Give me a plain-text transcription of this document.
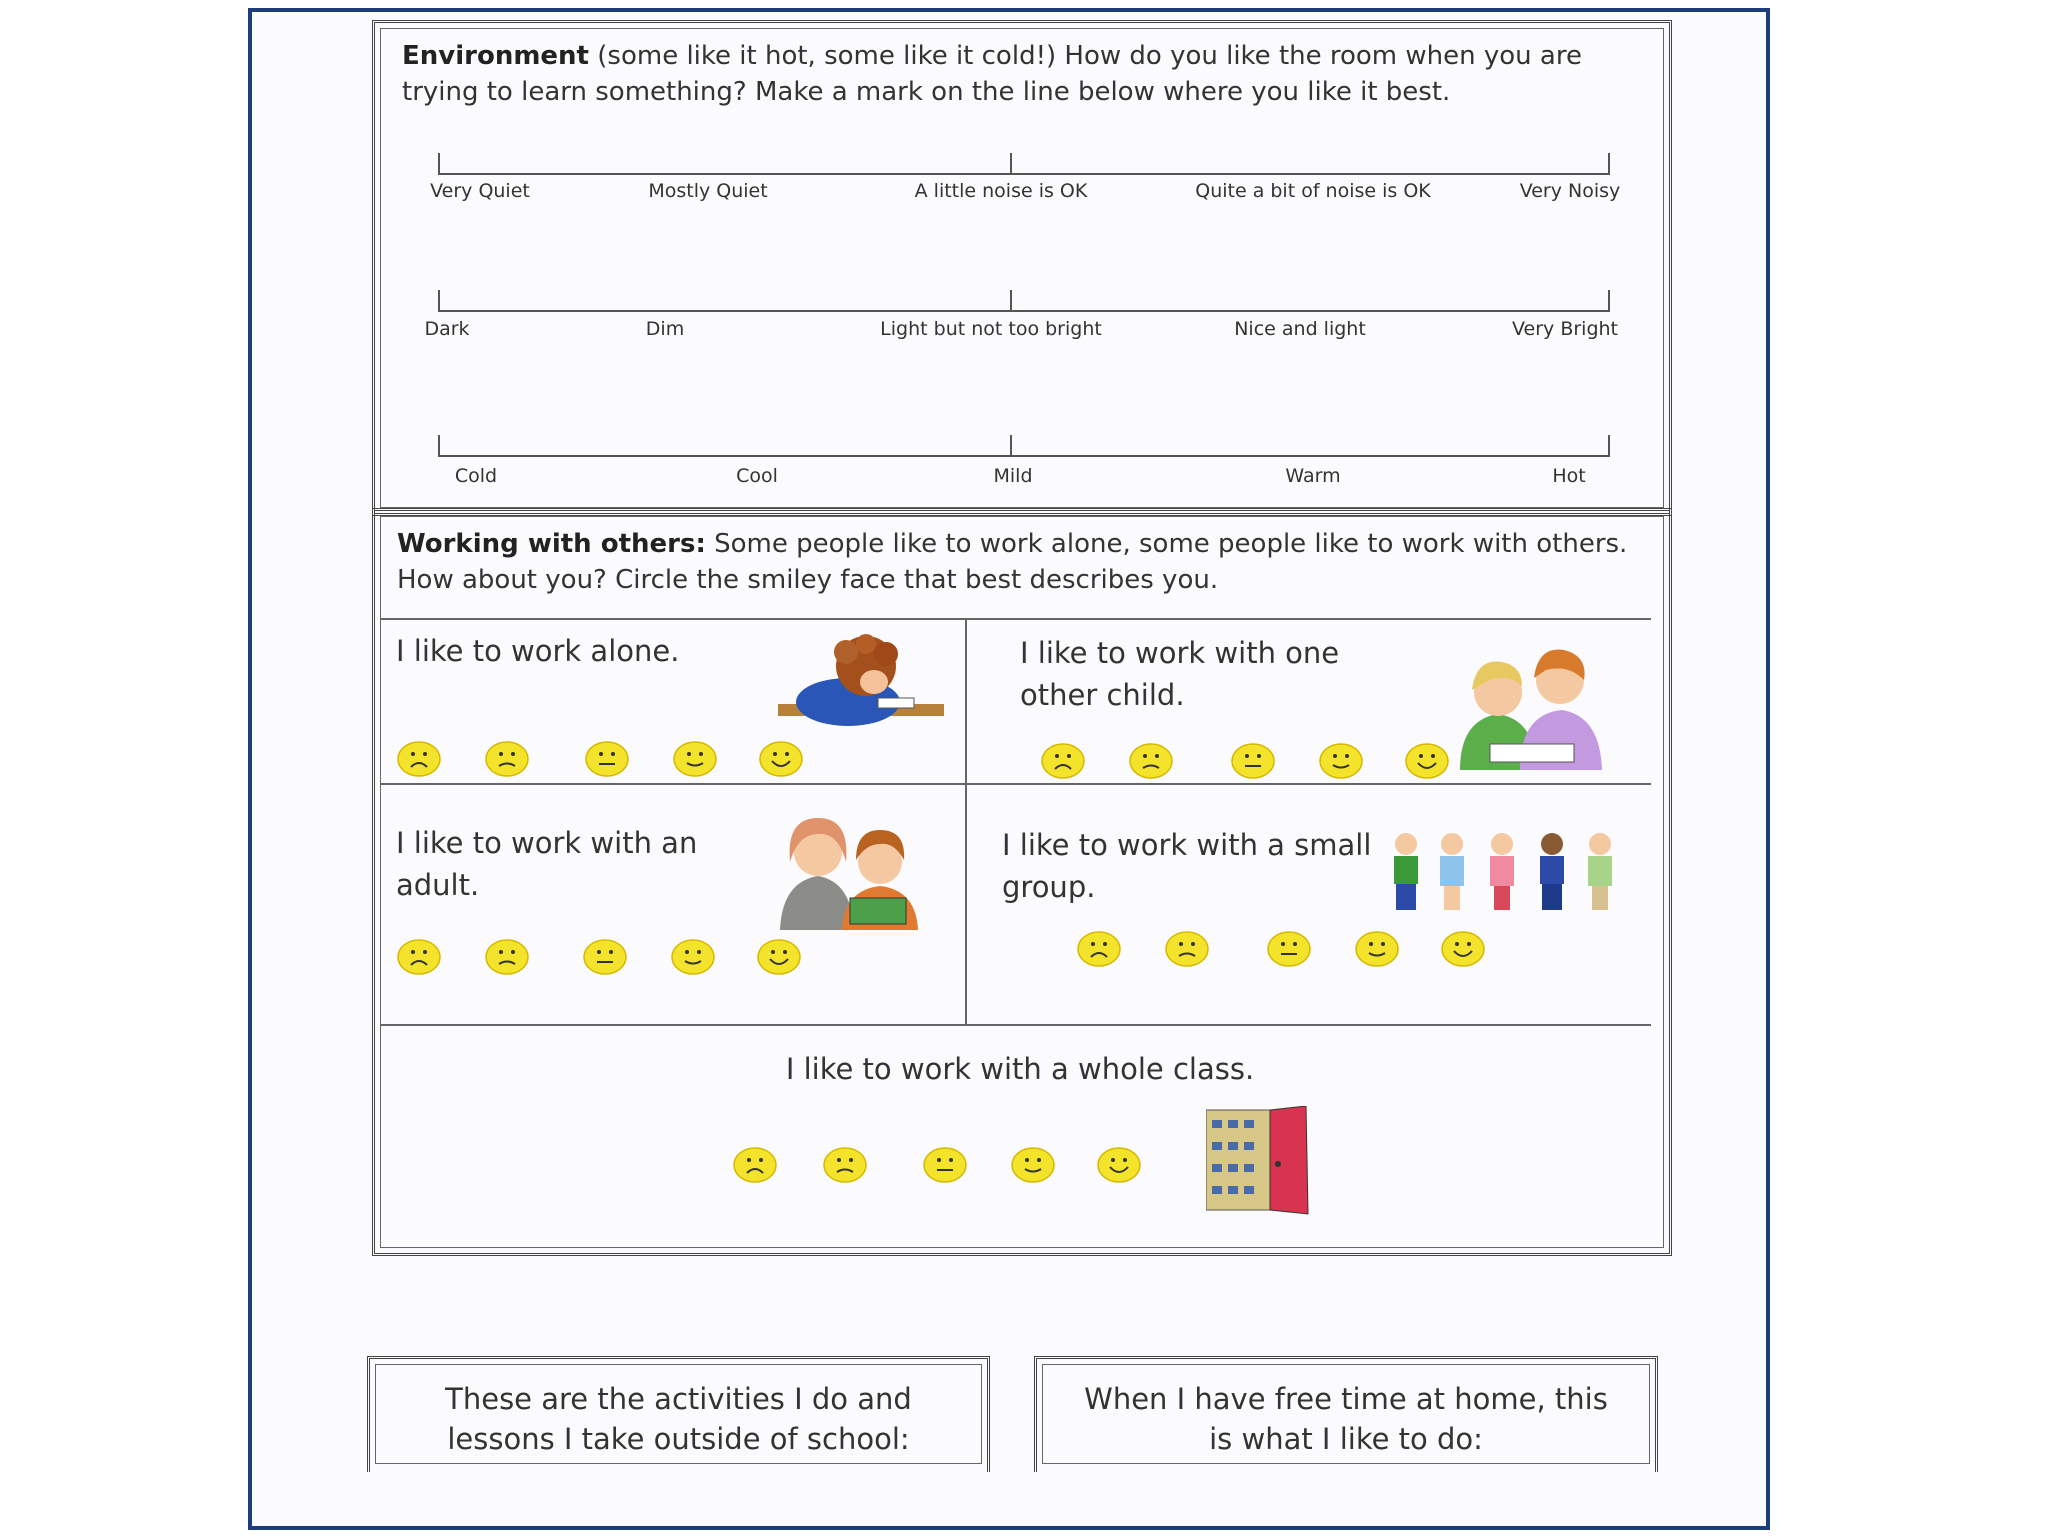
Environment (some like it hot, some like it cold!) How do you like the room when you are trying to learn something? Make a mark on the line below where you like it best.
Very Quiet	Mostly Quiet	A little noise is OK	Quite a bit of noise is OK	Very Noisy
Dark	Dim	Light but not too bright	Nice and light	Very Bright
Cold	Cool	Mild	Warm	Hot
Working with others: Some people like to work alone, some people like to work with others. How about you? Circle the smiley face that best describes you.
I like to work alone.	I like to work with one other child.
I like to work with an adult.
I like to work with a small group.
I like to work with a whole class.
These are the activities I do and lessons I take outside of school:
When I have free time at home, this is what I like to do:
